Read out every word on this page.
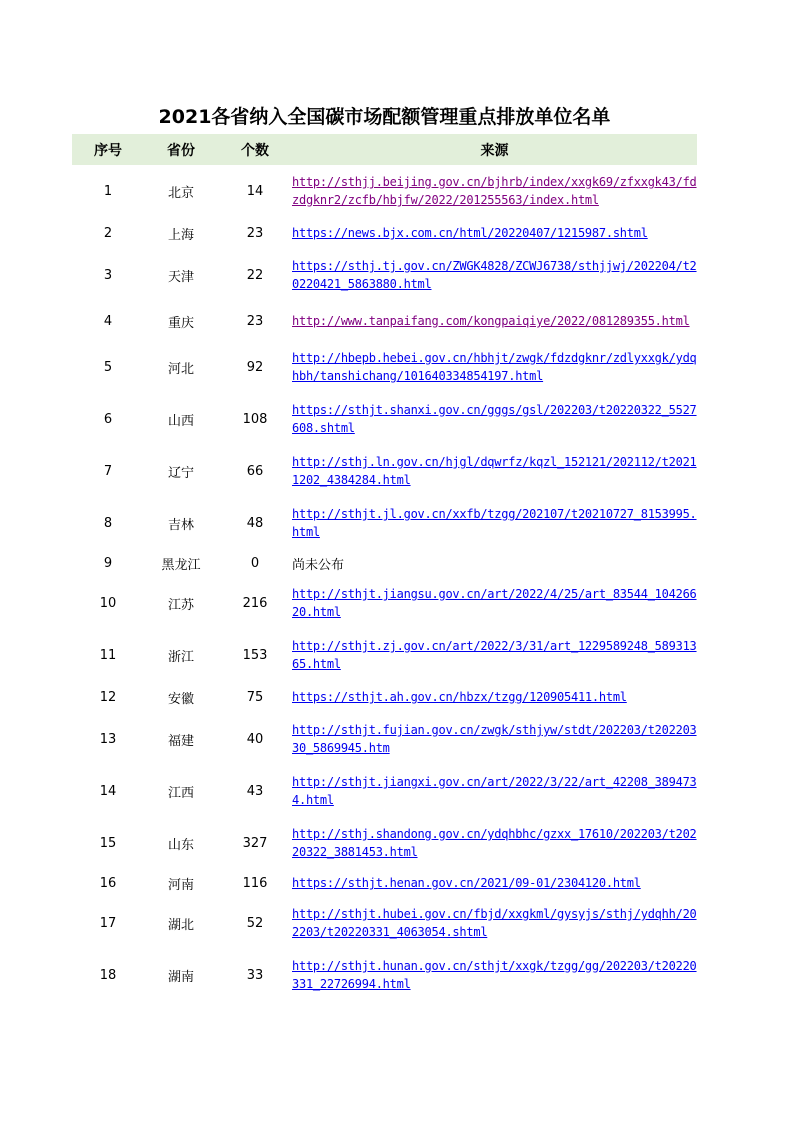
2021各省纳入全国碳市场配额管理重点排放单位名单
序号	省份	个数	来源
1	北京	14	http://sthjj.beijing.gov.cn/bjhrb/index/xxgk69/zfxxgk43/fdzdgknr2/zcfb/hbjfw/2022/201255563/index.html

2	上海	23	https://news.bjx.com.cn/html/20220407/1215987.shtml

3	天津	22	https://sthj.tj.gov.cn/ZWGK4828/ZCWJ6738/sthjjwj/202204/t20220421_5863880.html

4	重庆	23	http://www.tanpaifang.com/kongpaiqiye/2022/081289355.html

5	河北	92	http://hbepb.hebei.gov.cn/hbhjt/zwgk/fdzdgknr/zdlyxxgk/ydqhbh/tanshichang/101640334854197.html

6	山西	108	https://sthjt.shanxi.gov.cn/gggs/gsl/202203/t20220322_5527608.shtml

7	辽宁	66	http://sthj.ln.gov.cn/hjgl/dqwrfz/kqzl_152121/202112/t20211202_4384284.html

8	吉林	48	http://sthjt.jl.gov.cn/xxfb/tzgg/202107/t20210727_8153995.html

9	黑龙江	0	尚未公布
10	江苏	216	http://sthjt.jiangsu.gov.cn/art/2022/4/25/art_83544_10426620.html

11	浙江	153	http://sthjt.zj.gov.cn/art/2022/3/31/art_1229589248_58931365.html

12	安徽	75	https://sthjt.ah.gov.cn/hbzx/tzgg/120905411.html

13	福建	40	http://sthjt.fujian.gov.cn/zwgk/sthjyw/stdt/202203/t20220330_5869945.htm

14	江西	43	http://sthjt.jiangxi.gov.cn/art/2022/3/22/art_42208_3894734.html

15	山东	327	http://sthj.shandong.gov.cn/ydqhbhc/gzxx_17610/202203/t20220322_3881453.html

16	河南	116	https://sthjt.henan.gov.cn/2021/09-01/2304120.html

17	湖北	52	http://sthjt.hubei.gov.cn/fbjd/xxgkml/gysyjs/sthj/ydqhh/202203/t20220331_4063054.shtml

18	湖南	33	http://sthjt.hunan.gov.cn/sthjt/xxgk/tzgg/gg/202203/t20220331_22726994.html
